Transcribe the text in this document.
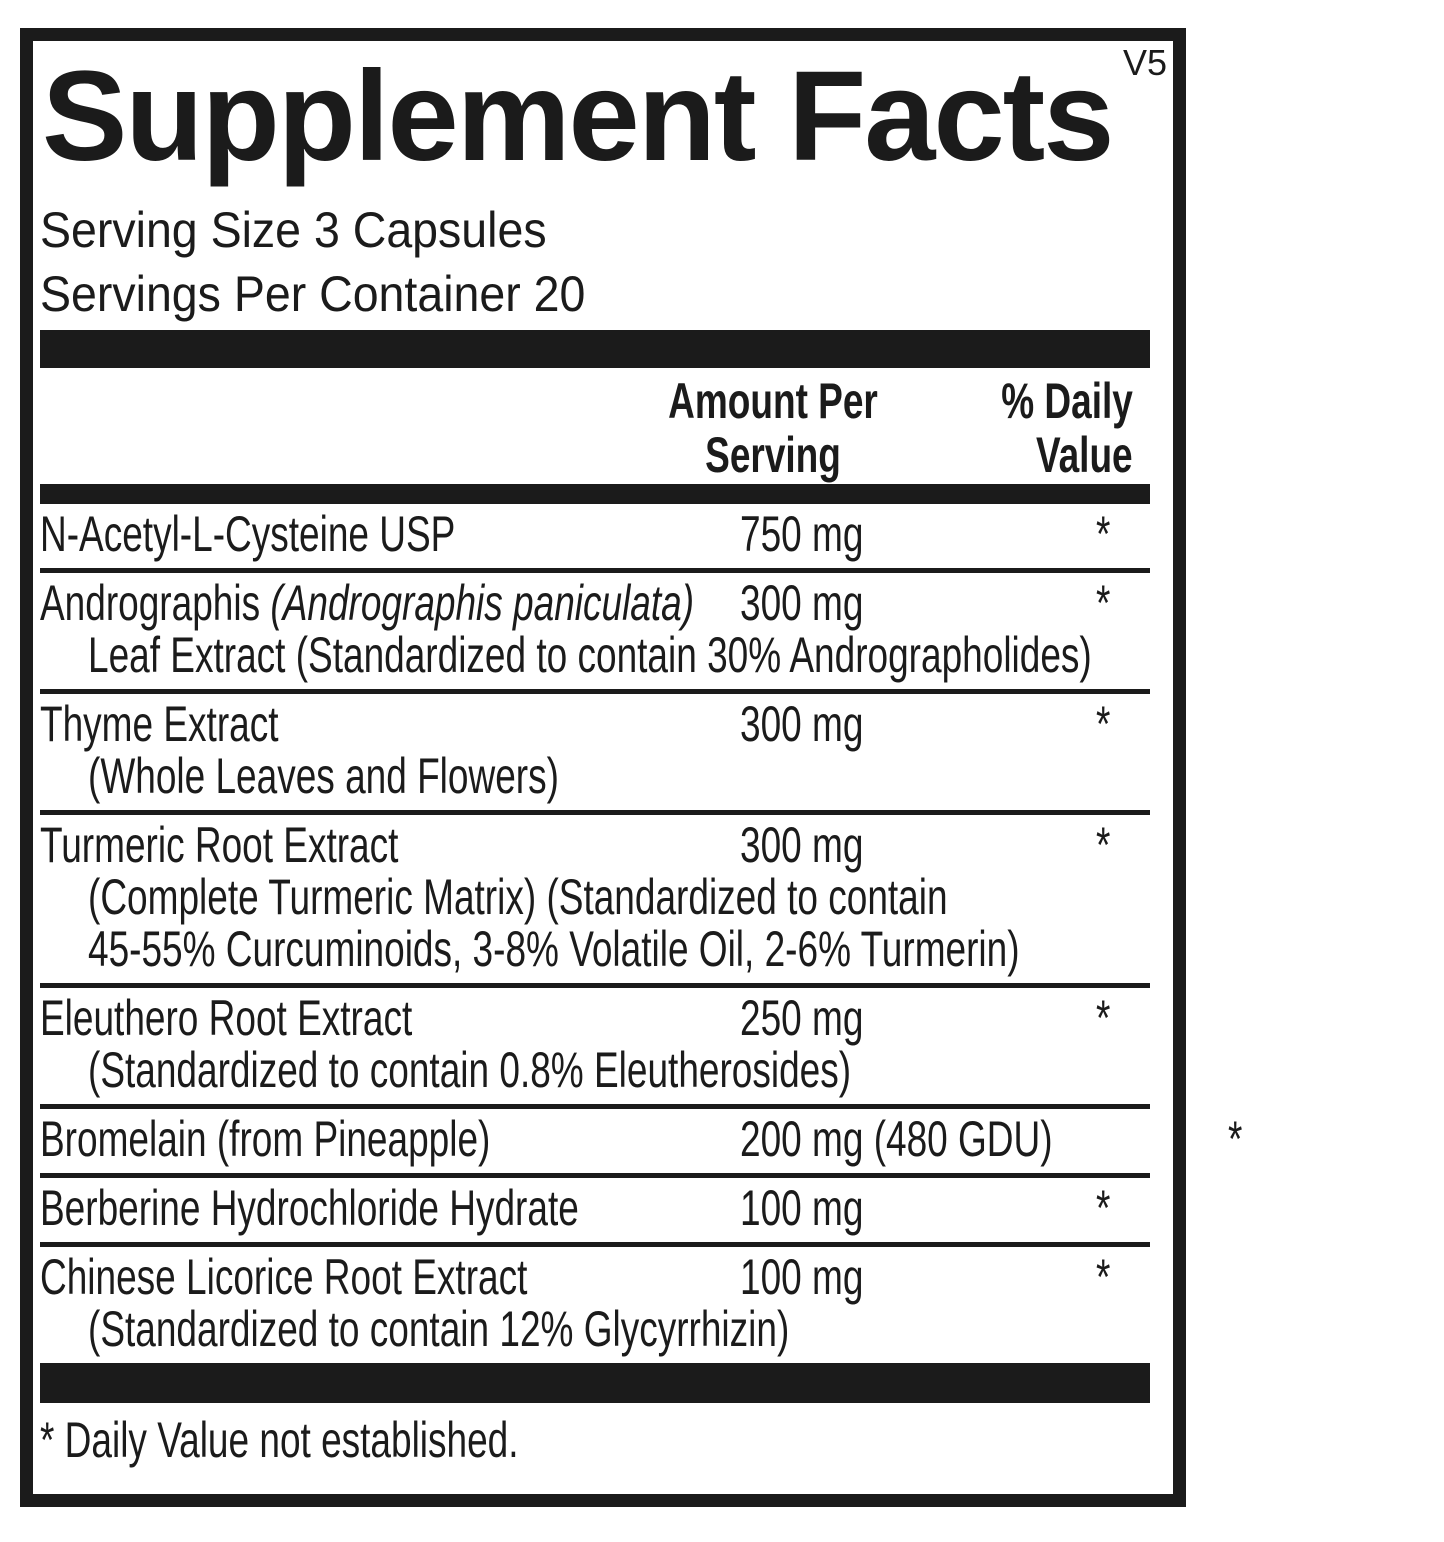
V5
Supplement Facts
Serving Size 3 Capsules
Servings Per Container 20
Amount Per
Serving
% Daily
Value
N-Acetyl-L-Cysteine USP	750 mg	*
Andrographis (Andrographis paniculata) 300 mg	*
Leaf Extract (Standardized to contain 30% Andrographolides)
Thyme Extract	300 mg	*
(Whole Leaves and Flowers)
Turmeric Root Extract	300 mg	*
(Complete Turmeric Matrix) (Standardized to contain
45-55% Curcuminoids, 3-8% Volatile Oil, 2-6% Turmerin)
Eleuthero Root Extract	250 mg	*
(Standardized to contain 0.8% Eleutherosides)
Bromelain (from Pineapple)	200 mg (480 GDU)	*
Berberine Hydrochloride Hydrate	100 mg	*
Chinese Licorice Root Extract	100 mg	*
(Standardized to contain 12% Glycyrrhizin)
* Daily Value not established.
